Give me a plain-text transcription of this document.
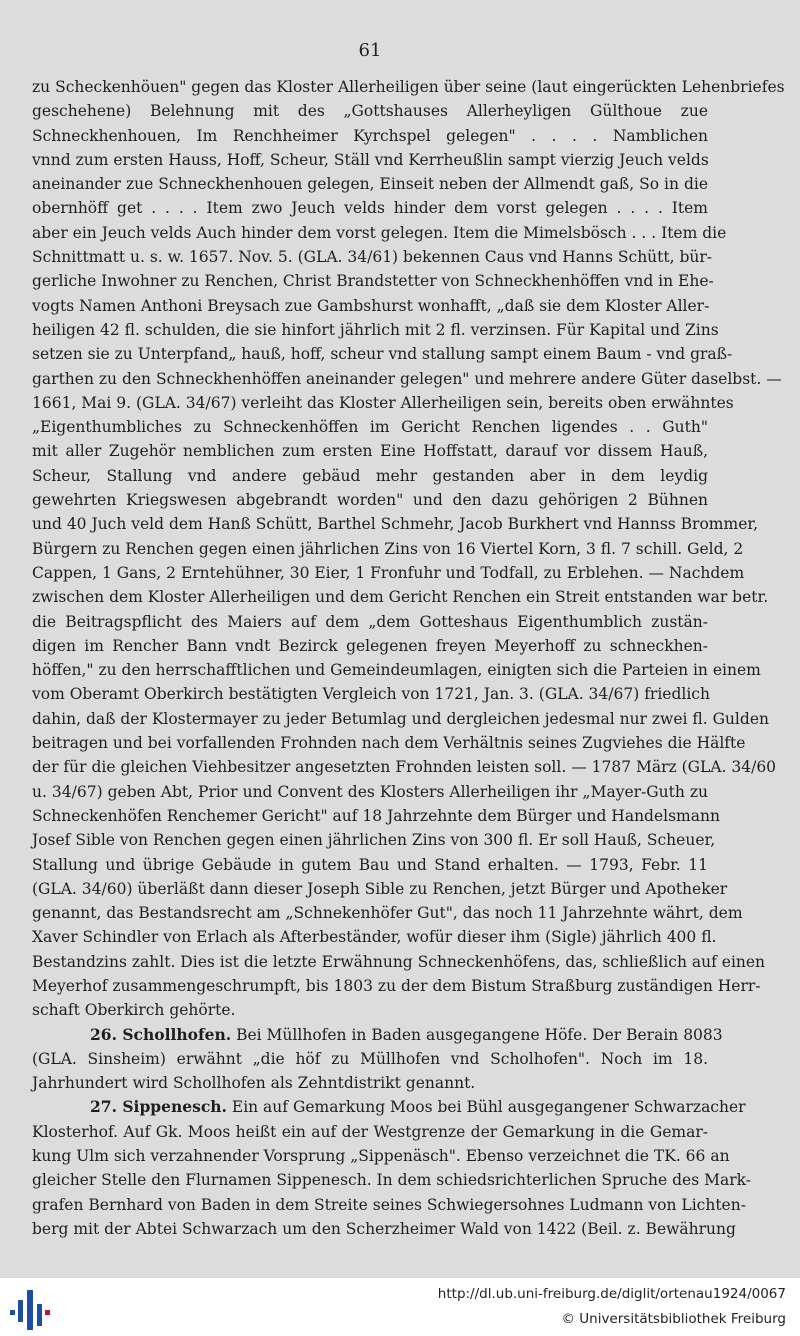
61
zu Scheckenhöuen" gegen das Kloster Allerheiligen über seine (laut eingerückten Lehenbriefes
geschehene) Belehnung mit des „Gottshauses Allerheyligen Gülthoue zue
Schneckhenhouen, Im Renchheimer Kyrchspel gelegen" . . . . Namblichen
vnnd zum ersten Hauss, Hoff, Scheur, Ställ vnd Kerrheußlin sampt vierzig Jeuch velds
aneinander zue Schneckhenhouen gelegen, Einseit neben der Allmendt gaß, So in die
obernhöff get . . . . Item zwo Jeuch velds hinder dem vorst gelegen . . . . Item
aber ein Jeuch velds Auch hinder dem vorst gelegen. Item die Mimelsbösch . . . Item die
Schnittmatt u. s. w. 1657. Nov. 5. (GLA. 34/61) bekennen Caus vnd Hanns Schütt, bür-
gerliche Inwohner zu Renchen, Christ Brandstetter von Schneckhenhöffen vnd in Ehe-
vogts Namen Anthoni Breysach zue Gambshurst wonhafft, „daß sie dem Kloster Aller-
heiligen 42 fl. schulden, die sie hinfort jährlich mit 2 fl. verzinsen. Für Kapital und Zins
setzen sie zu Unterpfand„ hauß, hoff, scheur vnd stallung sampt einem Baum - vnd graß-
garthen zu den Schneckhenhöffen aneinander gelegen" und mehrere andere Güter daselbst. —
1661, Mai 9. (GLA. 34/67) verleiht das Kloster Allerheiligen sein, bereits oben erwähntes
„Eigenthumbliches zu Schneckenhöffen im Gericht Renchen ligendes . . Guth"
mit aller Zugehör nemblichen zum ersten Eine Hoffstatt, darauf vor dissem Hauß,
Scheur, Stallung vnd andere gebäud mehr gestanden aber in dem leydig
gewehrten Kriegswesen abgebrandt worden" und den dazu gehörigen 2 Bühnen
und 40 Juch veld dem Hanß Schütt, Barthel Schmehr, Jacob Burkhert vnd Hannss Brommer,
Bürgern zu Renchen gegen einen jährlichen Zins von 16 Viertel Korn, 3 fl. 7 schill. Geld, 2
Cappen, 1 Gans, 2 Erntehühner, 30 Eier, 1 Fronfuhr und Todfall, zu Erblehen. — Nachdem
zwischen dem Kloster Allerheiligen und dem Gericht Renchen ein Streit entstanden war betr.
die Beitragspflicht des Maiers auf dem „dem Gotteshaus Eigenthumblich zustän-
digen im Rencher Bann vndt Bezirck gelegenen freyen Meyerhoff zu schneckhen-
höffen," zu den herrschafftlichen und Gemeindeumlagen, einigten sich die Parteien in einem
vom Oberamt Oberkirch bestätigten Vergleich von 1721, Jan. 3. (GLA. 34/67) friedlich
dahin, daß der Klostermayer zu jeder Betumlag und dergleichen jedesmal nur zwei fl. Gulden
beitragen und bei vorfallenden Frohnden nach dem Verhältnis seines Zugviehes die Hälfte
der für die gleichen Viehbesitzer angesetzten Frohnden leisten soll. — 1787 März (GLA. 34/60
u. 34/67) geben Abt, Prior und Convent des Klosters Allerheiligen ihr „Mayer-Guth zu
Schneckenhöfen Renchemer Gericht" auf 18 Jahrzehnte dem Bürger und Handelsmann
Josef Sible von Renchen gegen einen jährlichen Zins von 300 fl. Er soll Hauß, Scheuer,
Stallung und übrige Gebäude in gutem Bau und Stand erhalten. — 1793, Febr. 11
(GLA. 34/60) überläßt dann dieser Joseph Sible zu Renchen, jetzt Bürger und Apotheker
genannt, das Bestandsrecht am „Schnekenhöfer Gut", das noch 11 Jahrzehnte währt, dem
Xaver Schindler von Erlach als Afterbeständer, wofür dieser ihm (Sigle) jährlich 400 fl.
Bestandzins zahlt. Dies ist die letzte Erwähnung Schneckenhöfens, das, schließlich auf einen
Meyerhof zusammengeschrumpft, bis 1803 zu der dem Bistum Straßburg zuständigen Herr-
schaft Oberkirch gehörte.
26. Schollhofen. Bei Müllhofen in Baden ausgegangene Höfe. Der Berain 8083
(GLA. Sinsheim) erwähnt „die höf zu Müllhofen vnd Scholhofen". Noch im 18.
Jahrhundert wird Schollhofen als Zehntdistrikt genannt.
27. Sippenesch. Ein auf Gemarkung Moos bei Bühl ausgegangener Schwarzacher
Klosterhof. Auf Gk. Moos heißt ein auf der Westgrenze der Gemarkung in die Gemar-
kung Ulm sich verzahnender Vorsprung „Sippenäsch". Ebenso verzeichnet die TK. 66 an
gleicher Stelle den Flurnamen Sippenesch. In dem schiedsrichterlichen Spruche des Mark-
grafen Bernhard von Baden in dem Streite seines Schwiegersohnes Ludmann von Lichten-
berg mit der Abtei Schwarzach um den Scherzheimer Wald von 1422 (Beil. z. Bewährung
http://dl.ub.uni-freiburg.de/diglit/ortenau1924/0067
© Universitätsbibliothek Freiburg
